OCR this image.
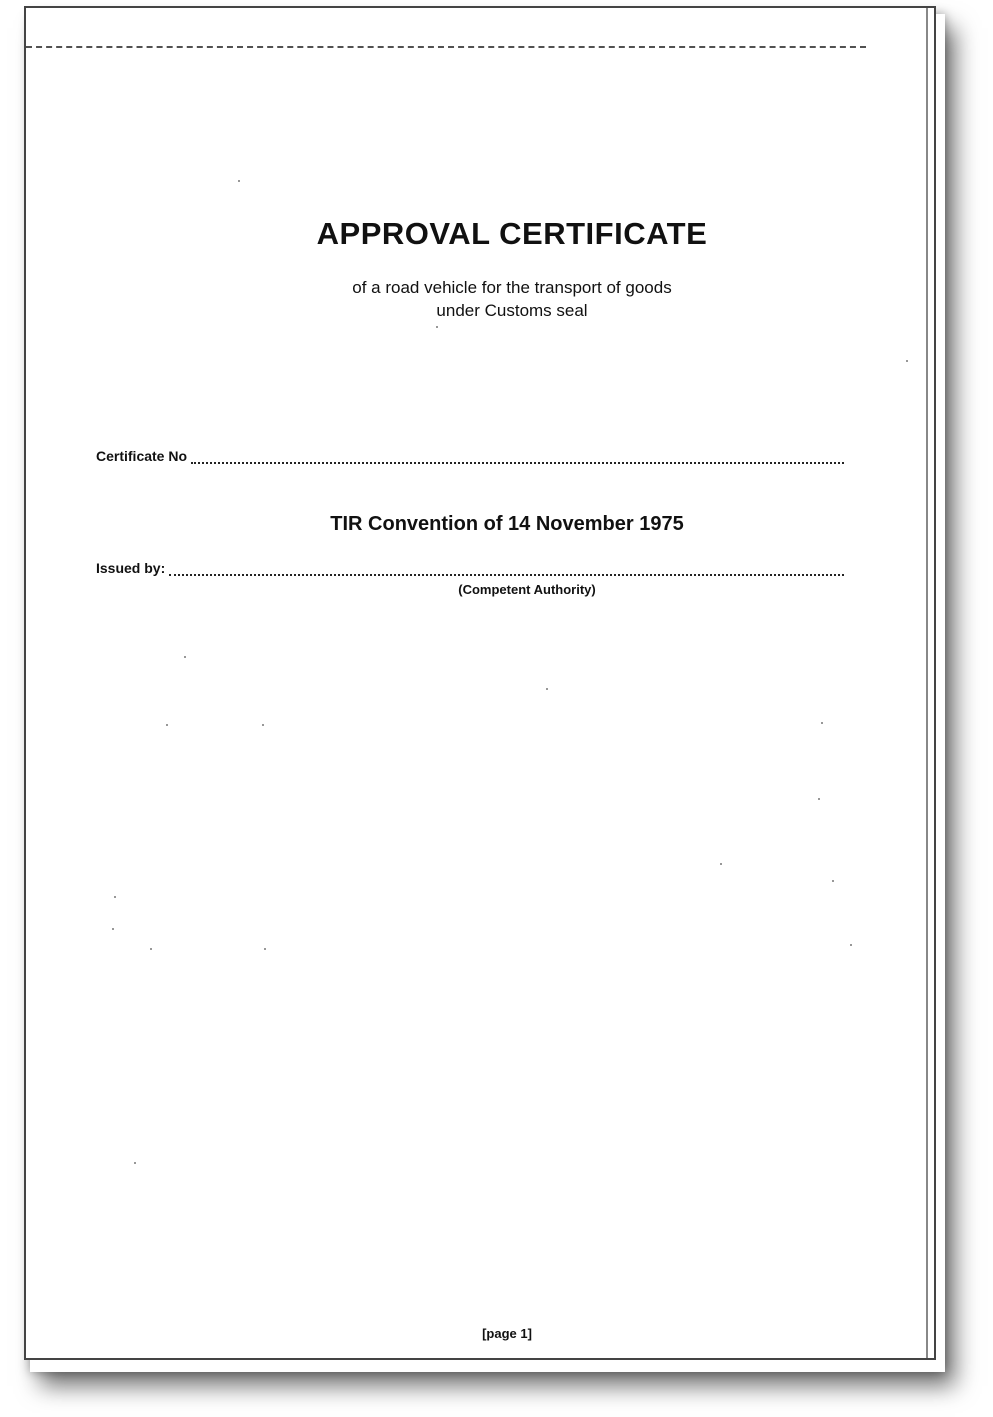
APPROVAL CERTIFICATE
of a road vehicle for the transport of goods
under Customs seal
Certificate No
TIR Convention of 14 November 1975
Issued by:
(Competent Authority)
[page 1]
